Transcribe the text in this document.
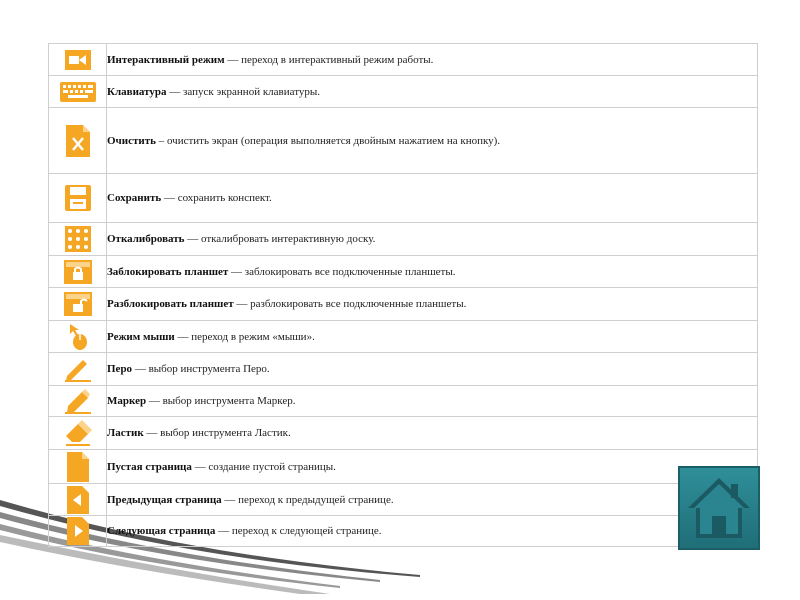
	Интерактивный режим — переход в интерактивный режим работы.
	Клавиатура — запуск экранной клавиатуры.
	Очистить – очистить экран (операция выполняется двойным нажатием на кнопку).
	Сохранить — сохранить конспект.
	Откалибровать — откалибровать интерактивную доску.
	Заблокировать планшет — заблокировать все подключенные планшеты.
	Разблокировать планшет — разблокировать все подключенные планшеты.
	Режим мыши — переход в режим «мыши».
	Перо — выбор инструмента Перо.
	Маркер — выбор инструмента Маркер.
	Ластик — выбор инструмента Ластик.
	Пустая страница — создание пустой страницы.
	Предыдущая страница — переход к предыдущей странице.
	Следующая страница — переход к следующей странице.
